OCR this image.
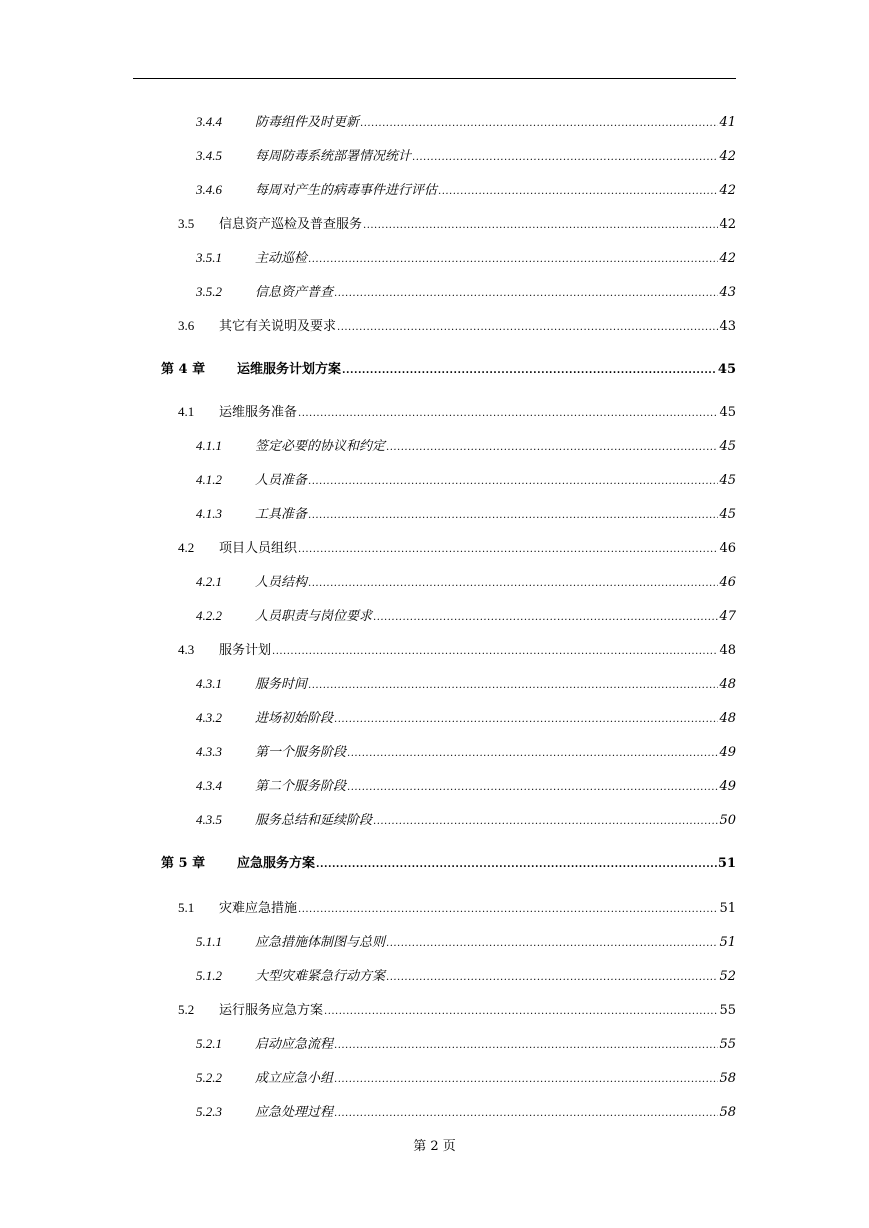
3.4.4	防毒组件及时更新 .....	41
3.4.5	每周防毒系统部署情况统计 .....	42
3.4.6	每周对产生的病毒事件进行评估 .....	42
3.5	信息资产巡检及普查服务 .....	42
3.5.1	主动巡检 .....	42
3.5.2	信息资产普查 .....	43
3.6	其它有关说明及要求 .....	43
第 4 章	运维服务计划方案 .....	45
4.1	运维服务准备 .....	45
4.1.1	签定必要的协议和约定 .....	45
4.1.2	人员准备 .....	45
4.1.3	工具准备 .....	45
4.2	项目人员组织 .....	46
4.2.1	人员结构 .....	46
4.2.2	人员职责与岗位要求 .....	47
4.3	服务计划 .....	48
4.3.1	服务时间 .....	48
4.3.2	进场初始阶段 .....	48
4.3.3	第一个服务阶段 .....	49
4.3.4	第二个服务阶段 .....	49
4.3.5	服务总结和延续阶段 .....	50
第 5 章	应急服务方案 .....	51
5.1	灾难应急措施 .....	51
5.1.1	应急措施体制图与总则 .....	51
5.1.2	大型灾难紧急行动方案 .....	52
5.2	运行服务应急方案 .....	55
5.2.1	启动应急流程 .....	55
5.2.2	成立应急小组 .....	58
5.2.3	应急处理过程 .....	58
第 2 页
